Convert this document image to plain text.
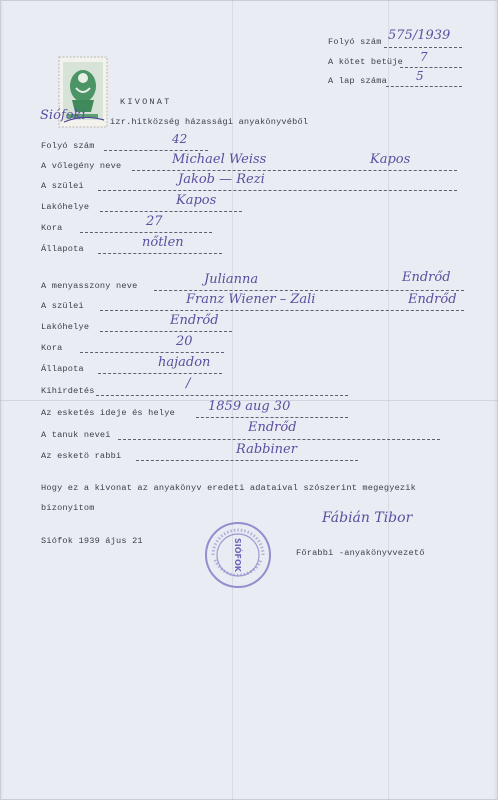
Folyó szám 575/1939
A kötet betüje 7
A lap száma 5
KIVONAT
Siófoki	izr.hitközség házassági anyakönyvéből
Folyó szám	42
A vőlegény neve	Michael Weiss	Kapos
A szülei	Jakob — Rezi
Lakóhelye	Kapos
Kora	27
Állapota	nőtlen
A menyasszony neve	Julianna	Endrőd
A szülei	Franz Wiener – Zali	Endrőd
Lakóhelye	Endrőd
Kora	20
Állapota	hajadon
Kihirdetés	/
Az esketés ideje és helye	1859 aug 30
A tanuk nevei	Endrőd
Az esketö rabbi	Rabbiner
Hogy ez a kivonat az anyakönyv eredeti adataival szószerint megegyezik
bizonyitom
Fábián Tibor
Siófok 1939 ájus 21	SIÓFOK	Főrabbi -anyakönyvvezető
